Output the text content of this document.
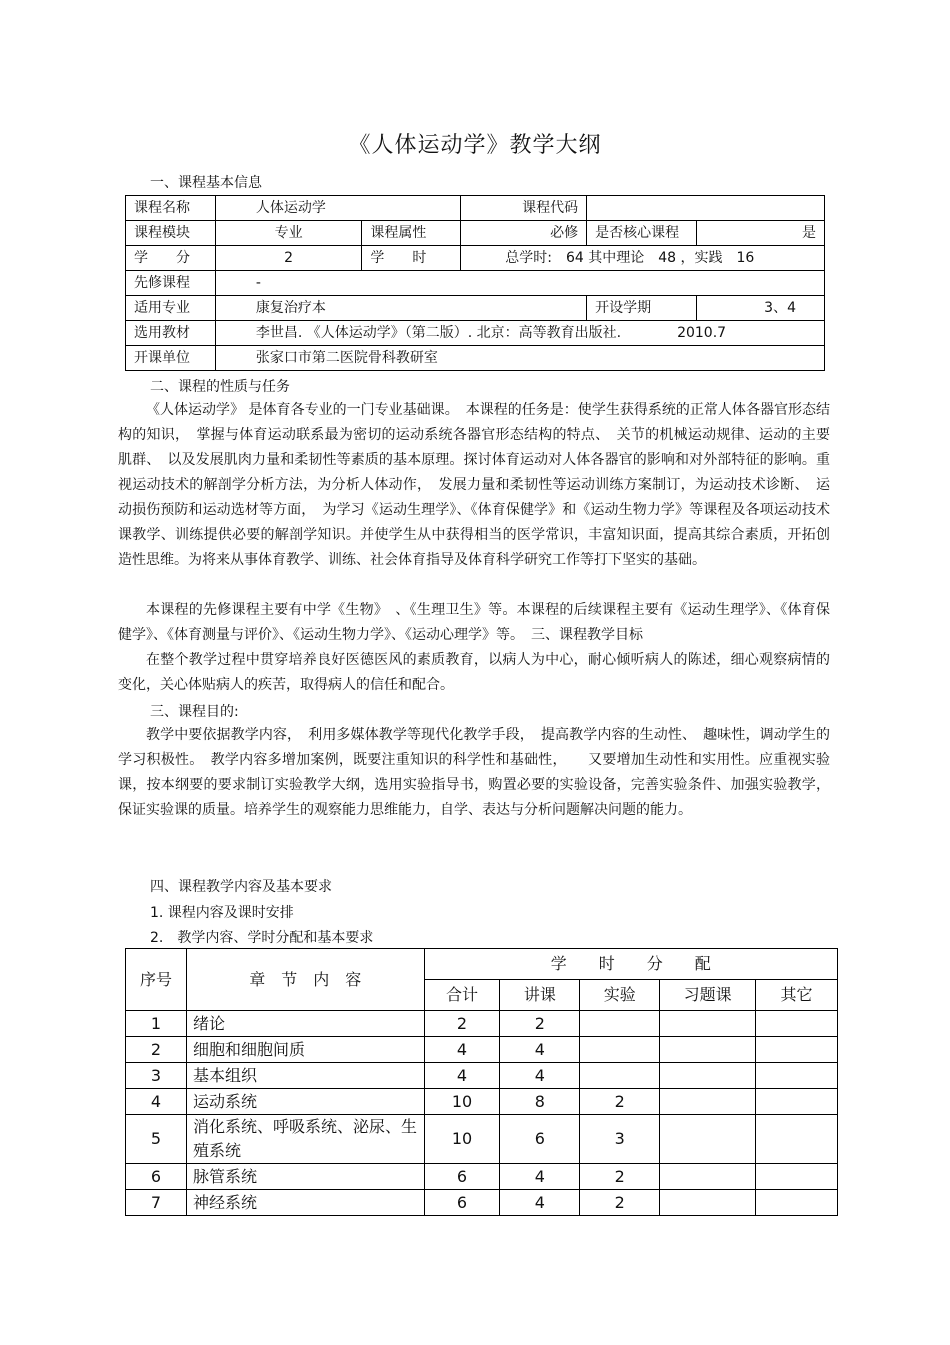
《人体运动学》教学大纲
一、课程基本信息
课程名称	人体运动学		课程代码		
课程模块	专业	课程属性	必修	是否核心课程	是
学　　分	2	学　　时	总学时:　64 其中理论　48 ，实践　16		
先修课程	-				
适用专业	康复治疗本			开设学期	3、4
选用教材	李世昌. 《人体运动学》（第二版）. 北京：高等教育出版社.　　　　2010.7				
开课单位	张家口市第二医院骨科教研室				
二、课程的性质与任务
《人体运动学》 是体育各专业的一门专业基础课。　本课程的任务是：使学生获得系统的正常人体各器官形态结构的知识，　掌握与体育运动联系最为密切的运动系统各器官形态结构的特点、　关节的机械运动规律、运动的主要肌群、　以及发展肌肉力量和柔韧性等素质的基本原理。探讨体育运动对人体各器官的影响和对外部特征的影响。重视运动技术的解剖学分析方法，为分析人体动作，　发展力量和柔韧性等运动训练方案制订，为运动技术诊断、　运动损伤预防和运动选材等方面，　为学习《运动生理学》、《体育保健学》和《运动生物力学》等课程及各项运动技术课教学、训练提供必要的解剖学知识。并使学生从中获得相当的医学常识，丰富知识面，提高其综合素质，开拓创造性思维。为将来从事体育教学、训练、社会体育指导及体育科学研究工作等打下坚实的基础。
本课程的先修课程主要有中学《生物》　、《生理卫生》等。本课程的后续课程主要有《运动生理学》、《体育保健学》、《体育测量与评价》、《运动生物力学》、《运动心理学》等。　三、课程教学目标
在整个教学过程中贯穿培养良好医德医风的素质教育，以病人为中心，耐心倾听病人的陈述，细心观察病情的变化，关心体贴病人的疾苦，取得病人的信任和配合。
三、课程目的:
教学中要依据教学内容，　利用多媒体教学等现代化教学手段，　提高教学内容的生动性、　趣味性，调动学生的学习积极性。　教学内容多增加案例，既要注重知识的科学性和基础性，　　又要增加生动性和实用性。应重视实验课，按本纲要的要求制订实验教学大纲，选用实验指导书，购置必要的实验设备，完善实验条件、加强实验教学，保证实验课的质量。培养学生的观察能力思维能力，自学、表达与分析问题解决问题的能力。
四、课程教学内容及基本要求
1. 课程内容及课时安排
2.　教学内容、学时分配和基本要求
序号	章　节　内　容	学　　时　　分　　配				
		合计	讲课	实验	习题课	其它
1	绪论	2	2			
2	细胞和细胞间质	4	4			
3	基本组织	4	4			
4	运动系统	10	8	2		
5	消化系统、呼吸系统、泌尿、生殖系统	10	6	3		
6	脉管系统	6	4	2		
7	神经系统	6	4	2		
